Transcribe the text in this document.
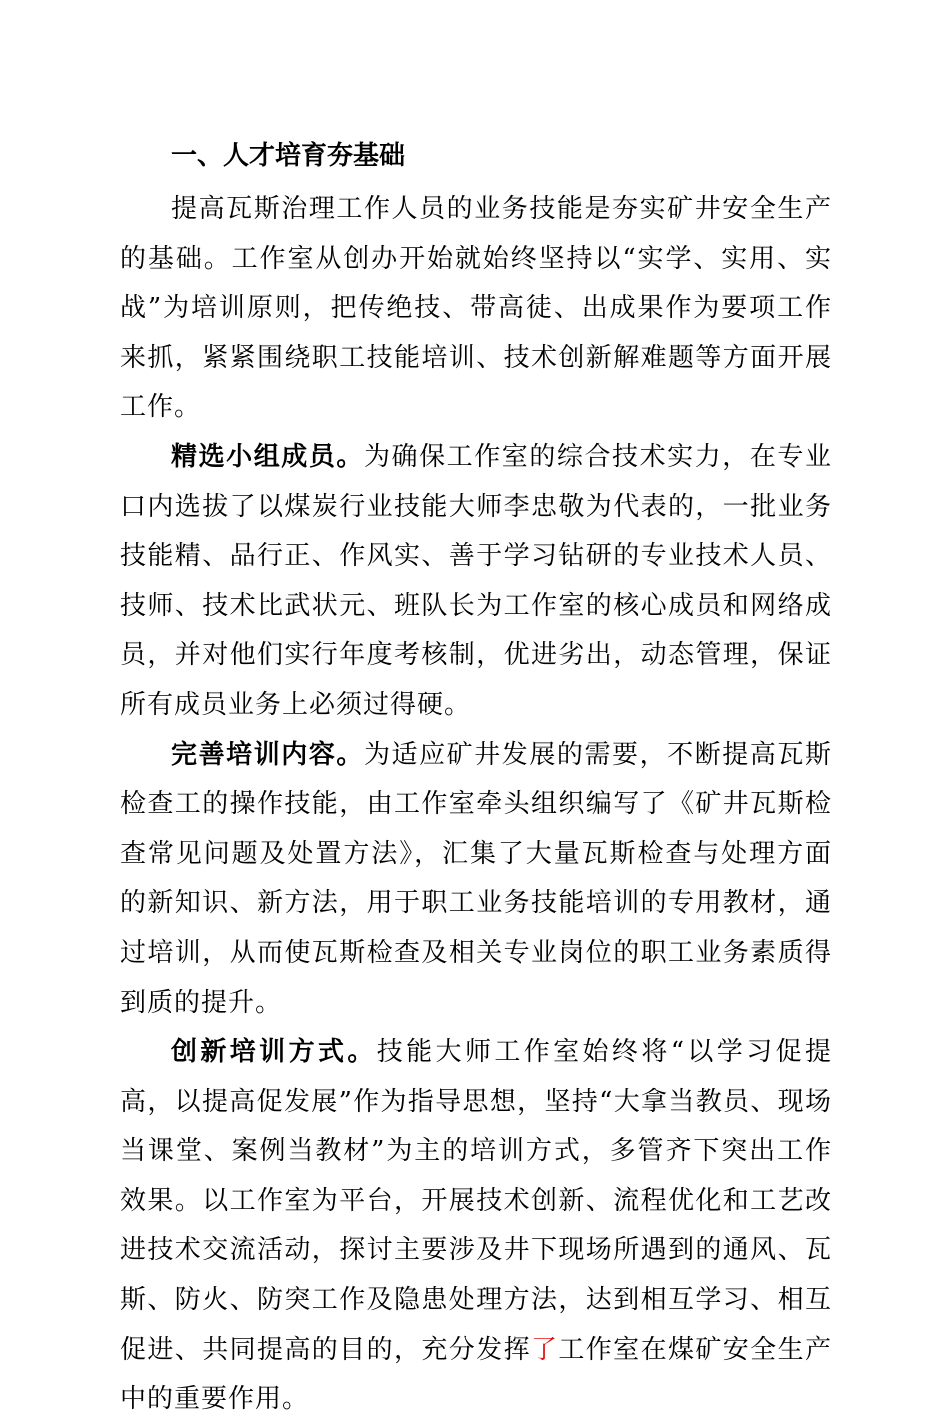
一、人才培育夯基础

提高瓦斯治理工作人员的业务技能是夯实矿井安全生产的基础。工作室从创办开始就始终坚持以“实学、实用、实战”为培训原则，把传绝技、带高徒、出成果作为要项工作来抓，紧紧围绕职工技能培训、技术创新解难题等方面开展工作。

精选小组成员。为确保工作室的综合技术实力，在专业口内选拔了以煤炭行业技能大师李忠敬为代表的，一批业务技能精、品行正、作风实、善于学习钻研的专业技术人员、技师、技术比武状元、班队长为工作室的核心成员和网络成员，并对他们实行年度考核制，优进劣出，动态管理，保证所有成员业务上必须过得硬。

完善培训内容。为适应矿井发展的需要，不断提高瓦斯检查工的操作技能，由工作室牵头组织编写了《矿井瓦斯检查常见问题及处置方法》，汇集了大量瓦斯检查与处理方面的新知识、新方法，用于职工业务技能培训的专用教材，通过培训，从而使瓦斯检查及相关专业岗位的职工业务素质得到质的提升。

创新培训方式。技能大师工作室始终将“以学习促提高，以提高促发展”作为指导思想，坚持“大拿当教员、现场当课堂、案例当教材”为主的培训方式，多管齐下突出工作效果。以工作室为平台，开展技术创新、流程优化和工艺改进技术交流活动，探讨主要涉及井下现场所遇到的通风、瓦斯、防火、防突工作及隐患处理方法，达到相互学习、相互促进、共同提高的目的，充分发挥了工作室在煤矿安全生产中的重要作用。
